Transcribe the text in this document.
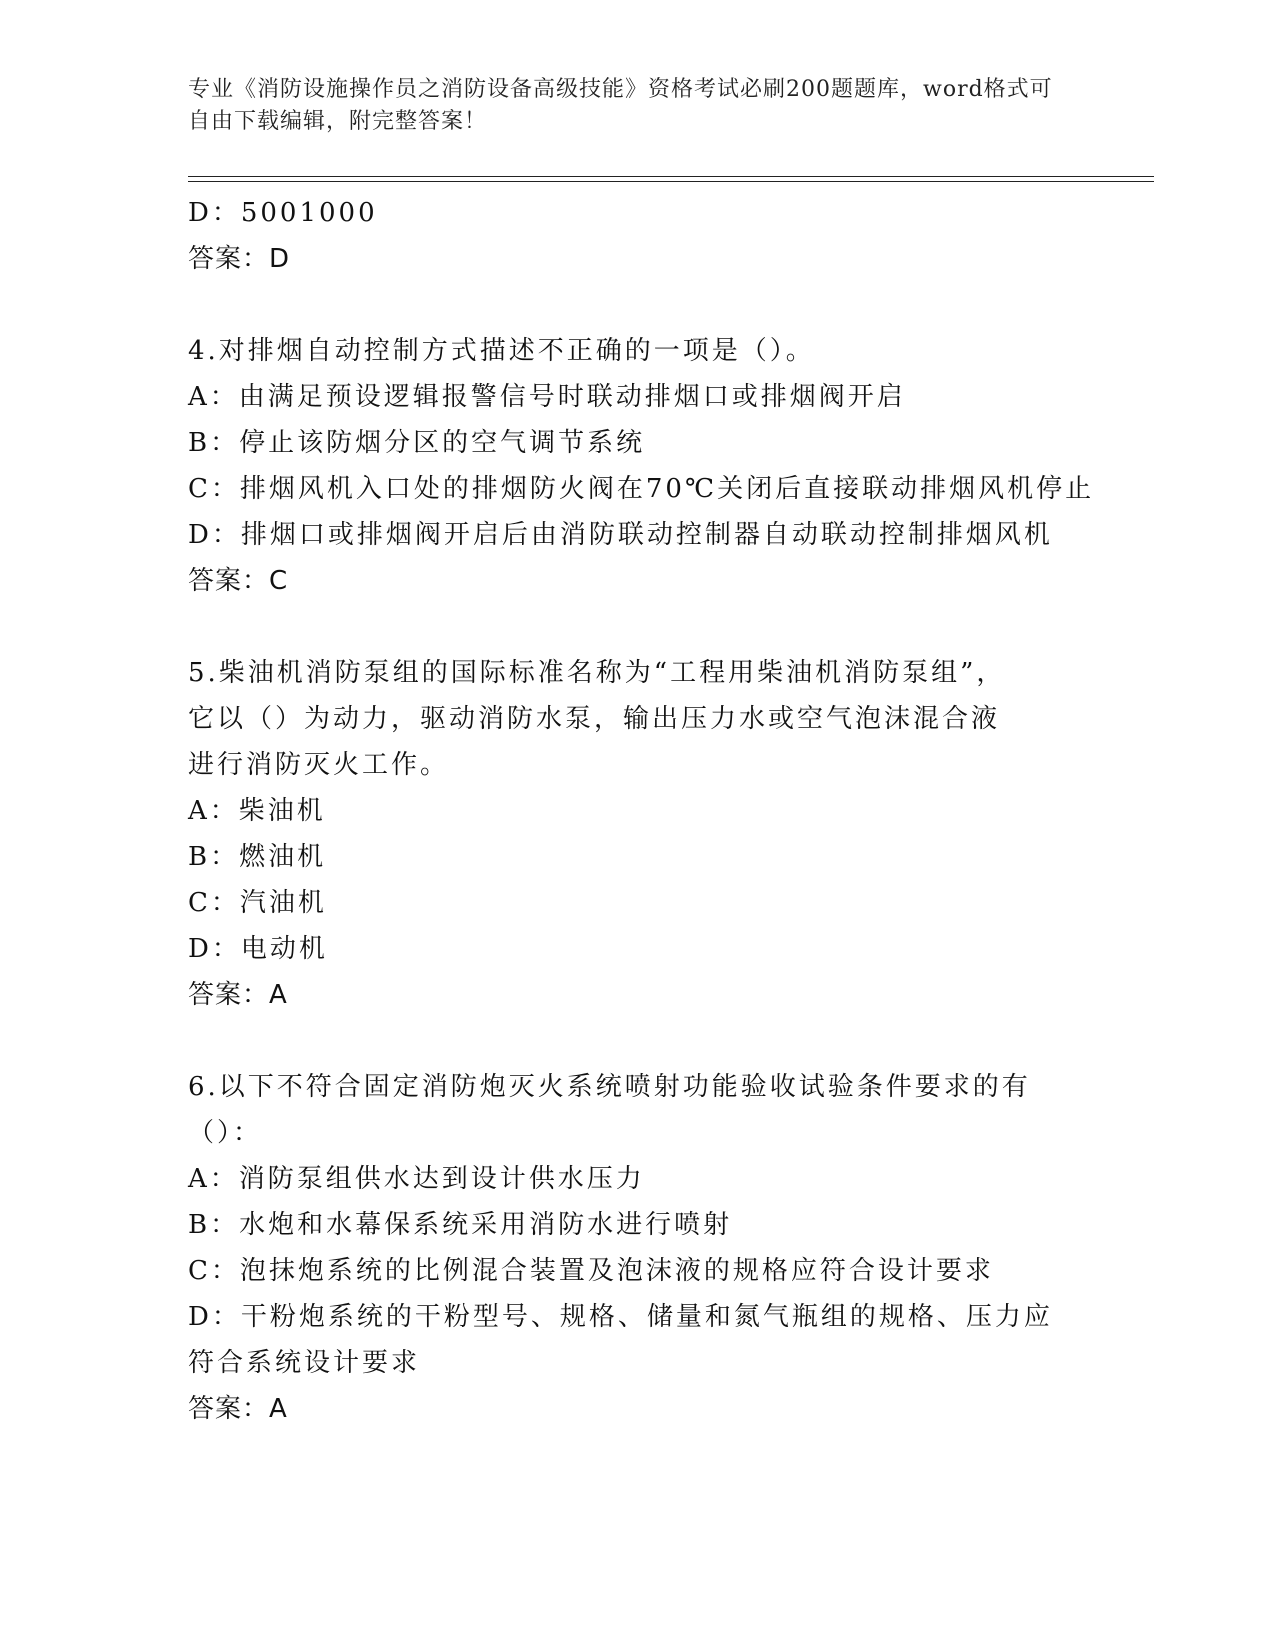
专业《消防设施操作员之消防设备高级技能》资格考试必刷200题题库，word格式可自由下载编辑，附完整答案！
D：5001000
答案：D
4.对排烟自动控制方式描述不正确的一项是（）。
A：由满足预设逻辑报警信号时联动排烟口或排烟阀开启
B：停止该防烟分区的空气调节系统
C：排烟风机入口处的排烟防火阀在70℃关闭后直接联动排烟风机停止
D：排烟口或排烟阀开启后由消防联动控制器自动联动控制排烟风机
答案：C
5.柴油机消防泵组的国际标准名称为“工程用柴油机消防泵组”，它以（）为动力，驱动消防水泵，输出压力水或空气泡沫混合液进行消防灭火工作。
A：柴油机
B：燃油机
C：汽油机
D：电动机
答案：A
6.以下不符合固定消防炮灭火系统喷射功能验收试验条件要求的有（）：
A：消防泵组供水达到设计供水压力
B：水炮和水幕保系统采用消防水进行喷射
C：泡抹炮系统的比例混合装置及泡沫液的规格应符合设计要求
D：干粉炮系统的干粉型号、规格、储量和氮气瓶组的规格、压力应符合系统设计要求
答案：A
